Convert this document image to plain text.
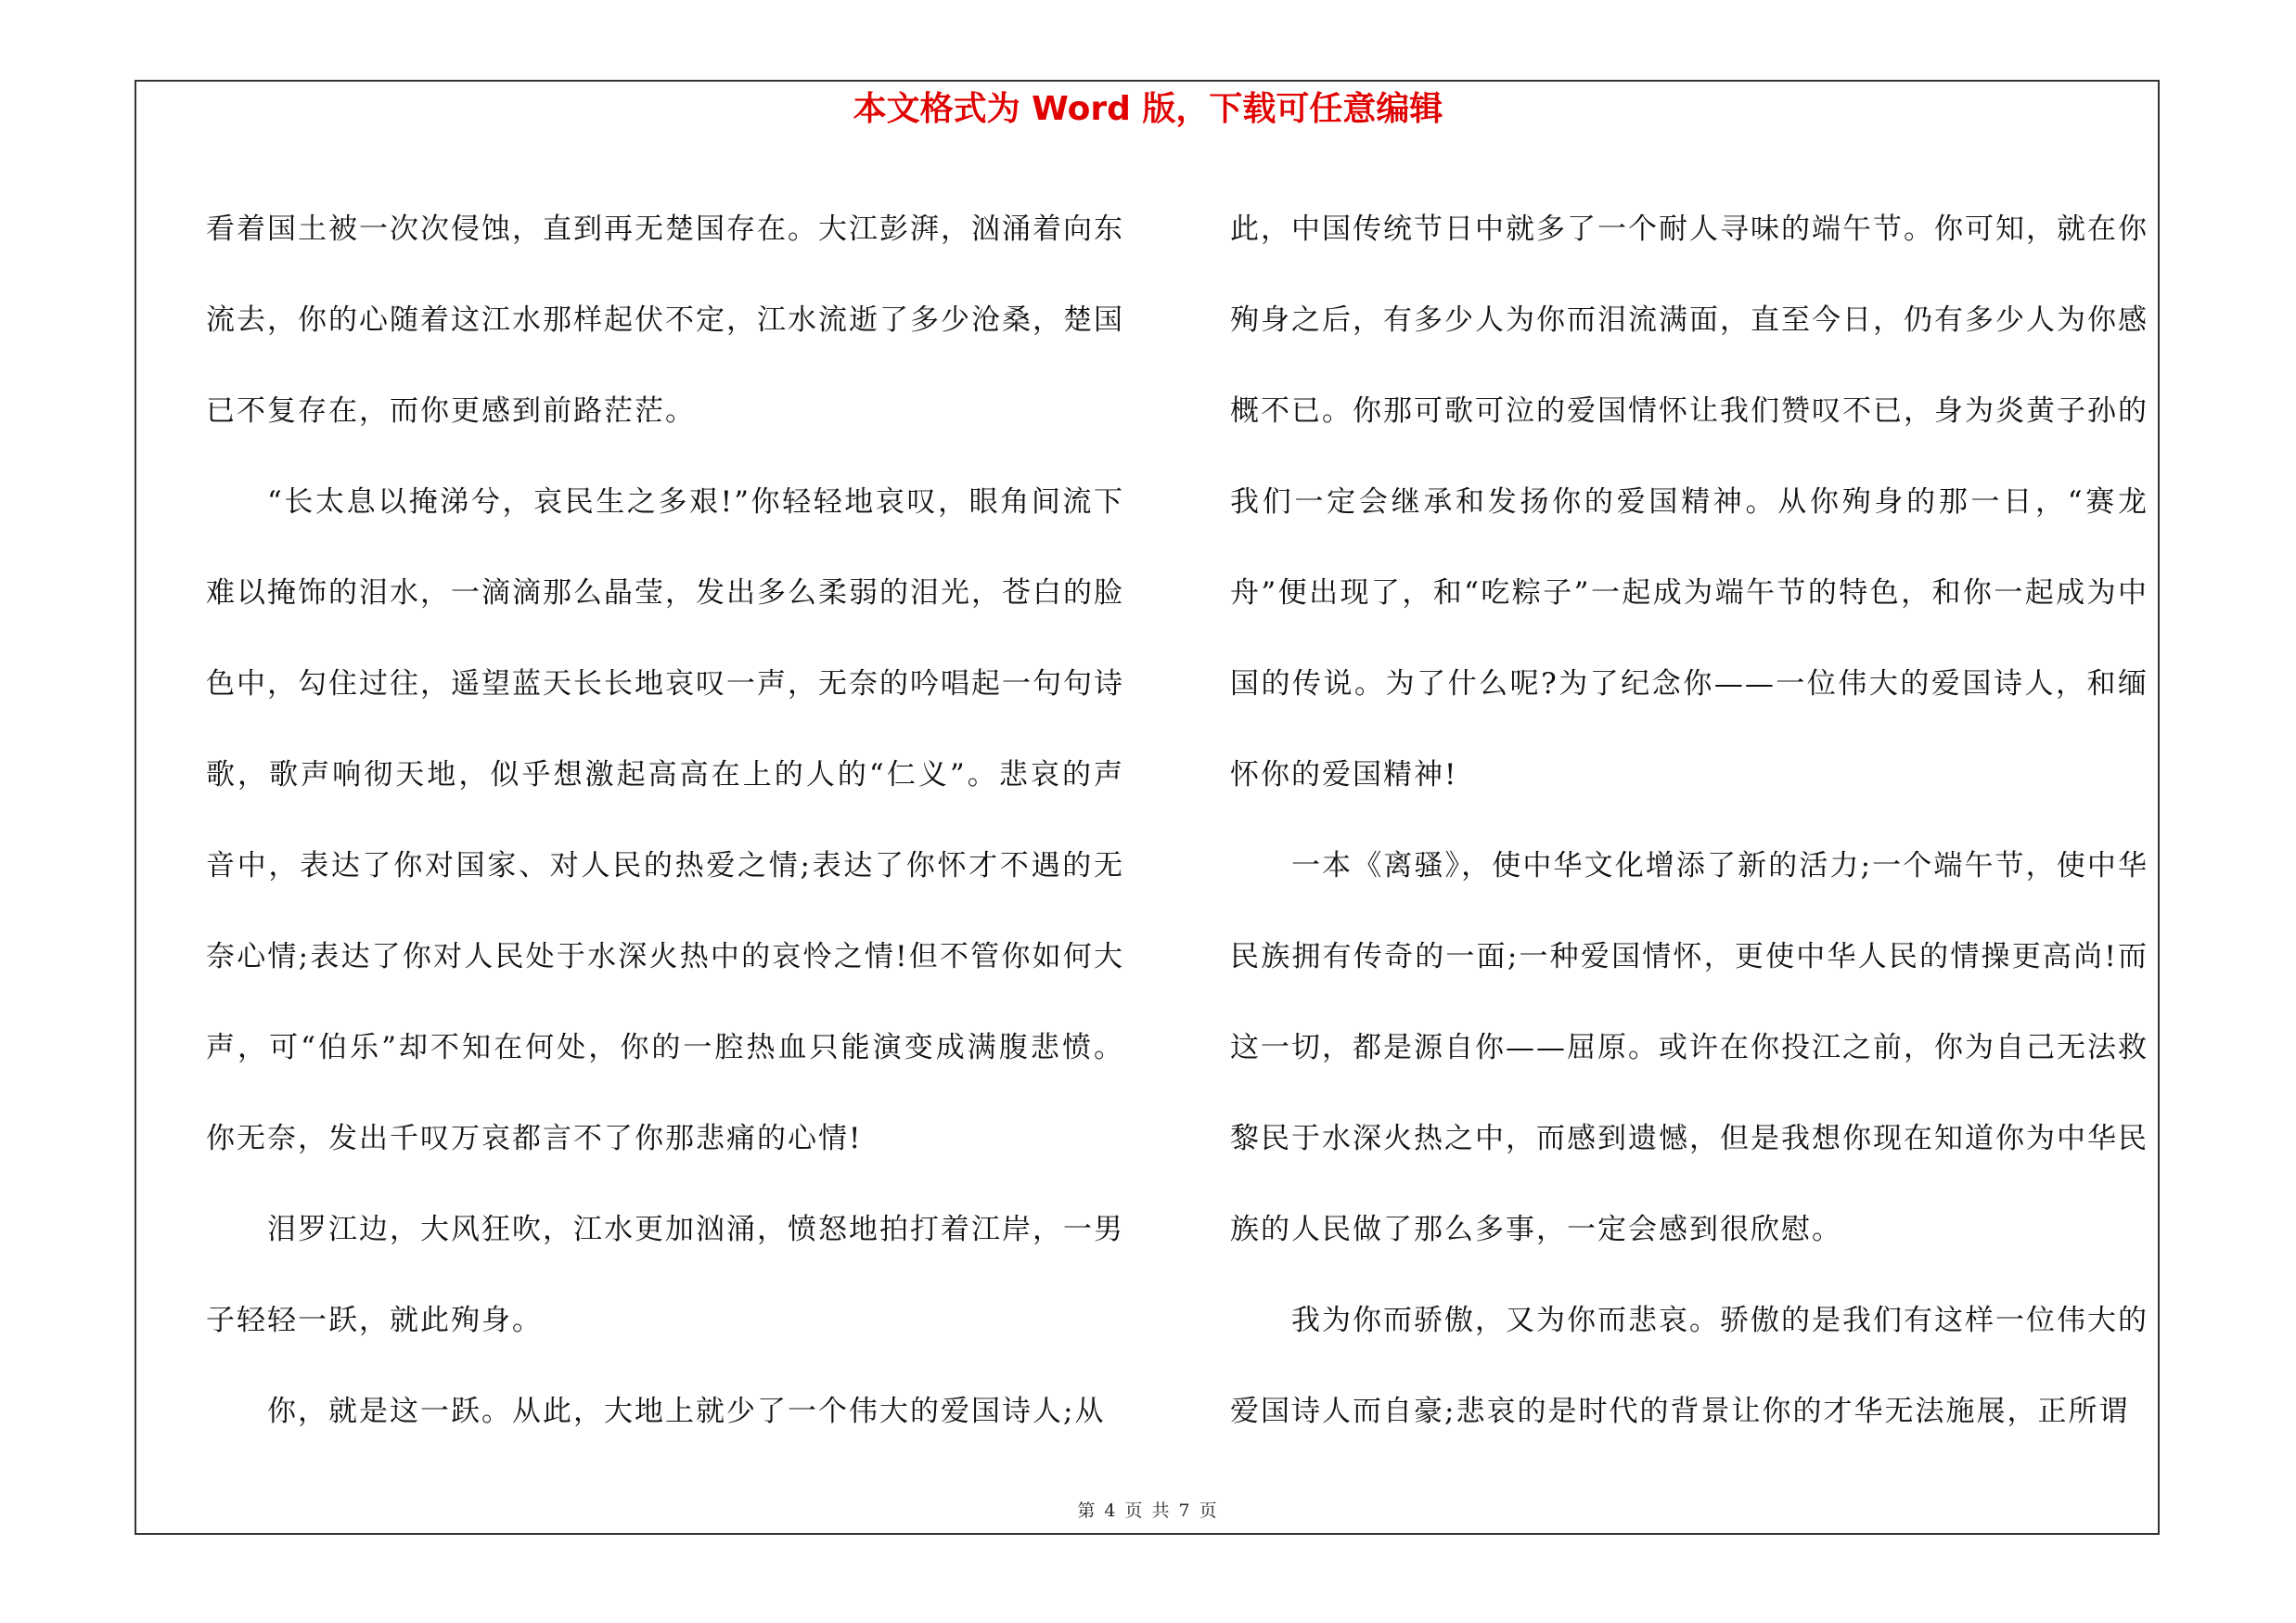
本文格式为 Word 版，下载可任意编辑

看着国土被一次次侵蚀，直到再无楚国存在。大江彭湃，汹涌着向东流去，你的心随着这江水那样起伏不定，江水流逝了多少沧桑，楚国已不复存在，而你更感到前路茫茫。

“长太息以掩涕兮，哀民生之多艰!”你轻轻地哀叹，眼角间流下难以掩饰的泪水，一滴滴那么晶莹，发出多么柔弱的泪光，苍白的脸色中，勾住过往，遥望蓝天长长地哀叹一声，无奈的吟唱起一句句诗歌，歌声响彻天地，似乎想激起高高在上的人的“仁义”。悲哀的声音中，表达了你对国家、对人民的热爱之情;表达了你怀才不遇的无奈心情;表达了你对人民处于水深火热中的哀怜之情!但不管你如何大声，可“伯乐”却不知在何处，你的一腔热血只能演变成满腹悲愤。你无奈，发出千叹万哀都言不了你那悲痛的心情!

泪罗江边，大风狂吹，江水更加汹涌，愤怒地拍打着江岸，一男子轻轻一跃，就此殉身。

你，就是这一跃。从此，大地上就少了一个伟大的爱国诗人;从

此，中国传统节日中就多了一个耐人寻味的端午节。你可知，就在你殉身之后，有多少人为你而泪流满面，直至今日，仍有多少人为你感概不已。你那可歌可泣的爱国情怀让我们赞叹不已，身为炎黄子孙的我们一定会继承和发扬你的爱国精神。从你殉身的那一日，“赛龙舟”便出现了，和“吃粽子”一起成为端午节的特色，和你一起成为中国的传说。为了什么呢?为了纪念你——一位伟大的爱国诗人，和缅怀你的爱国精神!

一本《离骚》，使中华文化增添了新的活力;一个端午节，使中华民族拥有传奇的一面;一种爱国情怀，更使中华人民的情操更高尚!而这一切，都是源自你——屈原。或许在你投江之前，你为自己无法救黎民于水深火热之中，而感到遗憾，但是我想你现在知道你为中华民族的人民做了那么多事，一定会感到很欣慰。

我为你而骄傲，又为你而悲哀。骄傲的是我们有这样一位伟大的爱国诗人而自豪;悲哀的是时代的背景让你的才华无法施展，正所谓

第 4 页 共 7 页
